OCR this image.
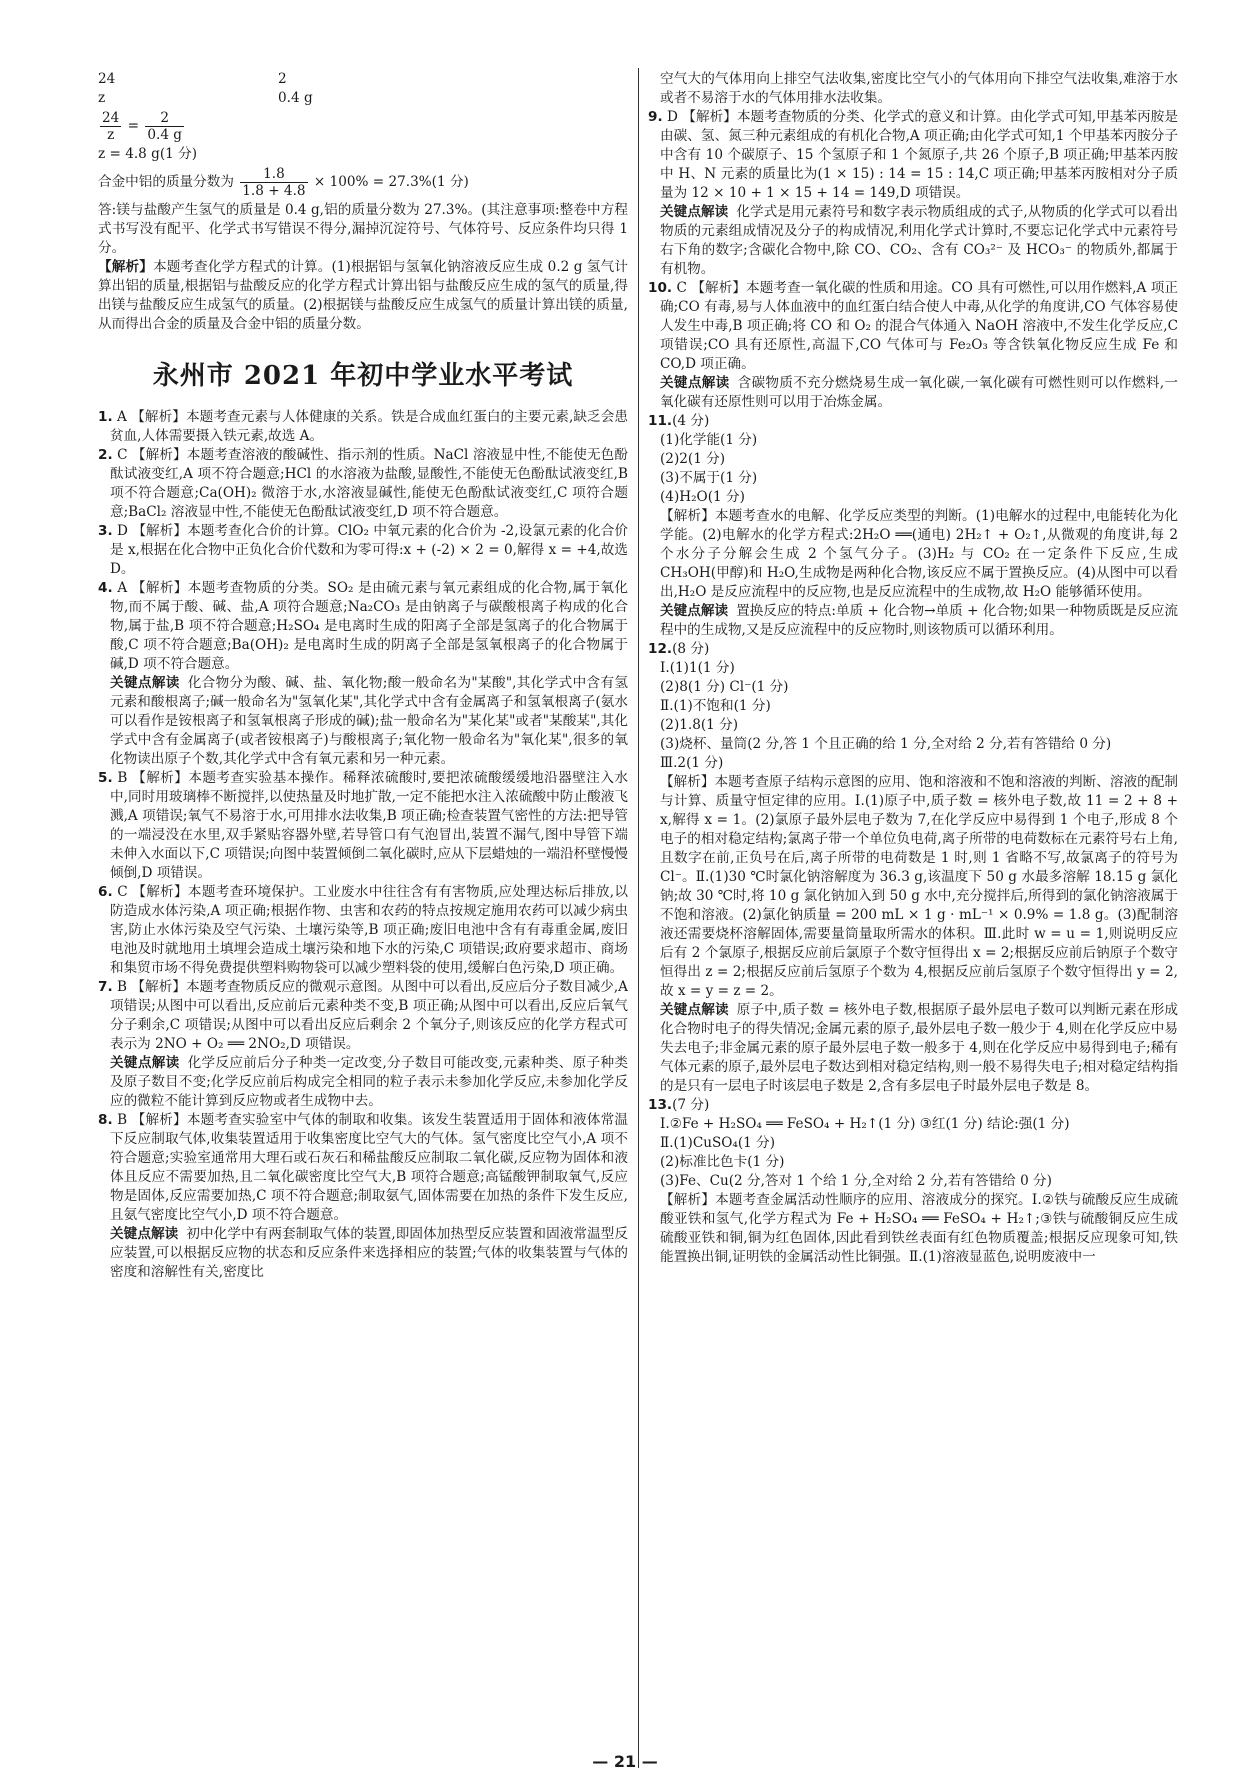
24	2
z	0.4 g
$\frac{24}{z} = \frac{2}{0.4 g}$

z = 4.8 g(1 分)

合金中铝的质量分数为 $\frac{1.8}{1.8 + 4.8} \times 100\% = 27.3\%(1$ 分)

答:镁与盐酸产生氢气的质量是 0.4 g,铝的质量分数为 27.3%。(其注意事项:整卷中方程式书写没有配平、化学式书写错误不得分,漏掉沉淀符号、气体符号、反应条件均只得 1 分。

【解析】本题考查化学方程式的计算。(1)根据铝与氢氧化钠溶液反应生成 0.2 g 氢气计算出铝的质量,根据铝与盐酸反应的化学方程式计算出铝与盐酸反应生成的氢气的质量,得出镁与盐酸反应生成氢气的质量。(2)根据镁与盐酸反应生成氢气的质量计算出镁的质量,从而得出合金的质量及合金中铝的质量分数。

永州市 2021 年初中学业水平考试

1. A 【解析】本题考查元素与人体健康的关系。铁是合成血红蛋白的主要元素,缺乏会患贫血,人体需要摄入铁元素,故选 A。

2. C 【解析】本题考查溶液的酸碱性、指示剂的性质。NaCl 溶液显中性,不能使无色酚酞试液变红,A 项不符合题意;HCl 的水溶液为盐酸,显酸性,不能使无色酚酞试液变红,B 项不符合题意;Ca(OH)₂ 微溶于水,水溶液显碱性,能使无色酚酞试液变红,C 项符合题意;BaCl₂ 溶液显中性,不能使无色酚酞试液变红,D 项不符合题意。

3. D 【解析】本题考查化合价的计算。ClO₂ 中氧元素的化合价为 -2,设氯元素的化合价是 x,根据在化合物中正负化合价代数和为零可得:x + (-2) × 2 = 0,解得 x = +4,故选 D。

4. A 【解析】本题考查物质的分类。SO₂ 是由硫元素与氧元素组成的化合物,属于氧化物,而不属于酸、碱、盐,A 项符合题意;Na₂CO₃ 是由钠离子与碳酸根离子构成的化合物,属于盐,B 项不符合题意;H₂SO₄ 是电离时生成的阳离子全部是氢离子的化合物属于酸,C 项不符合题意;Ba(OH)₂ 是电离时生成的阴离子全部是氢氧根离子的化合物属于碱,D 项不符合题意。

关键点解读 化合物分为酸、碱、盐、氧化物;酸一般命名为"某酸",其化学式中含有氢元素和酸根离子;碱一般命名为"氢氧化某",其化学式中含有金属离子和氢氧根离子(氨水可以看作是铵根离子和氢氧根离子形成的碱);盐一般命名为"某化某"或者"某酸某",其化学式中含有金属离子(或者铵根离子)与酸根离子;氧化物一般命名为"氧化某",很多的氧化物读出原子个数,其化学式中含有氧元素和另一种元素。

5. B 【解析】本题考查实验基本操作。稀释浓硫酸时,要把浓硫酸缓缓地沿器壁注入水中,同时用玻璃棒不断搅拌,以使热量及时地扩散,一定不能把水注入浓硫酸中防止酸液飞溅,A 项错误;氧气不易溶于水,可用排水法收集,B 项正确;检查装置气密性的方法:把导管的一端浸没在水里,双手紧贴容器外壁,若导管口有气泡冒出,装置不漏气,图中导管下端未伸入水面以下,C 项错误;向图中装置倾倒二氧化碳时,应从下层蜡烛的一端沿杯壁慢慢倾倒,D 项错误。

6. C 【解析】本题考查环境保护。工业废水中往往含有有害物质,应处理达标后排放,以防造成水体污染,A 项正确;根据作物、虫害和农药的特点按规定施用农药可以减少病虫害,防止水体污染及空气污染、土壤污染等,B 项正确;废旧电池中含有有毒重金属,废旧电池及时就地用土填埋会造成土壤污染和地下水的污染,C 项错误;政府要求超市、商场和集贸市场不得免费提供塑料购物袋可以减少塑料袋的使用,缓解白色污染,D 项正确。

7. B 【解析】本题考查物质反应的微观示意图。从图中可以看出,反应后分子数目减少,A 项错误;从图中可以看出,反应前后元素种类不变,B 项正确;从图中可以看出,反应后氧气分子剩余,C 项错误;从图中可以看出反应后剩余 2 个氧分子,则该反应的化学方程式可表示为 2NO + O₂ ══ 2NO₂,D 项错误。

关键点解读 化学反应前后分子种类一定改变,分子数目可能改变,元素种类、原子种类及原子数目不变;化学反应前后构成完全相同的粒子表示未参加化学反应,未参加化学反应的微粒不能计算到反应物或者生成物中去。

8. B 【解析】本题考查实验室中气体的制取和收集。该发生装置适用于固体和液体常温下反应制取气体,收集装置适用于收集密度比空气大的气体。氢气密度比空气小,A 项不符合题意;实验室通常用大理石或石灰石和稀盐酸反应制取二氧化碳,反应物为固体和液体且反应不需要加热,且二氧化碳密度比空气大,B 项符合题意;高锰酸钾制取氧气,反应物是固体,反应需要加热,C 项不符合题意;制取氨气,固体需要在加热的条件下发生反应,且氨气密度比空气小,D 项不符合题意。

关键点解读 初中化学中有两套制取气体的装置,即固体加热型反应装置和固液常温型反应装置,可以根据反应物的状态和反应条件来选择相应的装置;气体的收集装置与气体的密度和溶解性有关,密度比

空气大的气体用向上排空气法收集,密度比空气小的气体用向下排空气法收集,难溶于水或者不易溶于水的气体用排水法收集。

9. D 【解析】本题考查物质的分类、化学式的意义和计算。由化学式可知,甲基苯丙胺是由碳、氢、氮三种元素组成的有机化合物,A 项正确;由化学式可知,1 个甲基苯丙胺分子中含有 10 个碳原子、15 个氢原子和 1 个氮原子,共 26 个原子,B 项正确;甲基苯丙胺中 H、N 元素的质量比为(1 × 15) : 14 = 15 : 14,C 项正确;甲基苯丙胺相对分子质量为 12 × 10 + 1 × 15 + 14 = 149,D 项错误。

关键点解读 化学式是用元素符号和数字表示物质组成的式子,从物质的化学式可以看出物质的元素组成情况及分子的构成情况,利用化学式计算时,不要忘记化学式中元素符号右下角的数字;含碳化合物中,除 CO、CO₂、含有 CO₃²⁻ 及 HCO₃⁻ 的物质外,都属于有机物。

10. C 【解析】本题考查一氧化碳的性质和用途。CO 具有可燃性,可以用作燃料,A 项正确;CO 有毒,易与人体血液中的血红蛋白结合使人中毒,从化学的角度讲,CO 气体容易使人发生中毒,B 项正确;将 CO 和 O₂ 的混合气体通入 NaOH 溶液中,不发生化学反应,C 项错误;CO 具有还原性,高温下,CO 气体可与 Fe₂O₃ 等含铁氧化物反应生成 Fe 和 CO,D 项正确。

关键点解读 含碳物质不充分燃烧易生成一氧化碳,一氧化碳有可燃性则可以作燃料,一氧化碳有还原性则可以用于冶炼金属。

11.(4 分)

(1)化学能(1 分)

(2)2(1 分)

(3)不属于(1 分)

(4)H₂O(1 分)

【解析】本题考查水的电解、化学反应类型的判断。(1)电解水的过程中,电能转化为化学能。(2)电解水的化学方程式:2H₂O ══(通电) 2H₂↑ + O₂↑,从微观的角度讲,每 2 个水分子分解会生成 2 个氢气分子。(3)H₂ 与 CO₂ 在一定条件下反应,生成 CH₃OH(甲醇)和 H₂O,生成物是两种化合物,该反应不属于置换反应。(4)从图中可以看出,H₂O 是反应流程中的反应物,也是反应流程中的生成物,故 H₂O 能够循环使用。

关键点解读 置换反应的特点:单质 + 化合物→单质 + 化合物;如果一种物质既是反应流程中的生成物,又是反应流程中的反应物时,则该物质可以循环利用。

12.(8 分)

Ⅰ.(1)1(1 分)

(2)8(1 分) Cl⁻(1 分)

Ⅱ.(1)不饱和(1 分)

(2)1.8(1 分)

(3)烧杯、量筒(2 分,答 1 个且正确的给 1 分,全对给 2 分,若有答错给 0 分)

Ⅲ.2(1 分)

【解析】本题考查原子结构示意图的应用、饱和溶液和不饱和溶液的判断、溶液的配制与计算、质量守恒定律的应用。Ⅰ.(1)原子中,质子数 = 核外电子数,故 11 = 2 + 8 + x,解得 x = 1。(2)氯原子最外层电子数为 7,在化学反应中易得到 1 个电子,形成 8 个电子的相对稳定结构;氯离子带一个单位负电荷,离子所带的电荷数标在元素符号右上角,且数字在前,正负号在后,离子所带的电荷数是 1 时,则 1 省略不写,故氯离子的符号为 Cl⁻。Ⅱ.(1)30 ℃时氯化钠溶解度为 36.3 g,该温度下 50 g 水最多溶解 18.15 g 氯化钠;故 30 ℃时,将 10 g 氯化钠加入到 50 g 水中,充分搅拌后,所得到的氯化钠溶液属于不饱和溶液。(2)氯化钠质量 = 200 mL × 1 g · mL⁻¹ × 0.9% = 1.8 g。(3)配制溶液还需要烧杯溶解固体,需要量筒量取所需水的体积。Ⅲ.此时 w = u = 1,则说明反应后有 2 个氯原子,根据反应前后氯原子个数守恒得出 x = 2;根据反应前后钠原子个数守恒得出 z = 2;根据反应前后氢原子个数为 4,根据反应前后氢原子个数守恒得出 y = 2,故 x = y = z = 2。

关键点解读 原子中,质子数 = 核外电子数,根据原子最外层电子数可以判断元素在形成化合物时电子的得失情况;金属元素的原子,最外层电子数一般少于 4,则在化学反应中易失去电子;非金属元素的原子最外层电子数一般多于 4,则在化学反应中易得到电子;稀有气体元素的原子,最外层电子数达到相对稳定结构,则一般不易得失电子;相对稳定结构指的是只有一层电子时该层电子数是 2,含有多层电子时最外层电子数是 8。

13.(7 分)

Ⅰ.②Fe + H₂SO₄ ══ FeSO₄ + H₂↑(1 分) ③红(1 分) 结论:强(1 分)

Ⅱ.(1)CuSO₄(1 分)

(2)标准比色卡(1 分)

(3)Fe、Cu(2 分,答对 1 个给 1 分,全对给 2 分,若有答错给 0 分)

【解析】本题考查金属活动性顺序的应用、溶液成分的探究。Ⅰ.②铁与硫酸反应生成硫酸亚铁和氢气,化学方程式为 Fe + H₂SO₄ ══ FeSO₄ + H₂↑;③铁与硫酸铜反应生成硫酸亚铁和铜,铜为红色固体,因此看到铁丝表面有红色物质覆盖;根据反应现象可知,铁能置换出铜,证明铁的金属活动性比铜强。Ⅱ.(1)溶液显蓝色,说明废液中一

— 21 —
